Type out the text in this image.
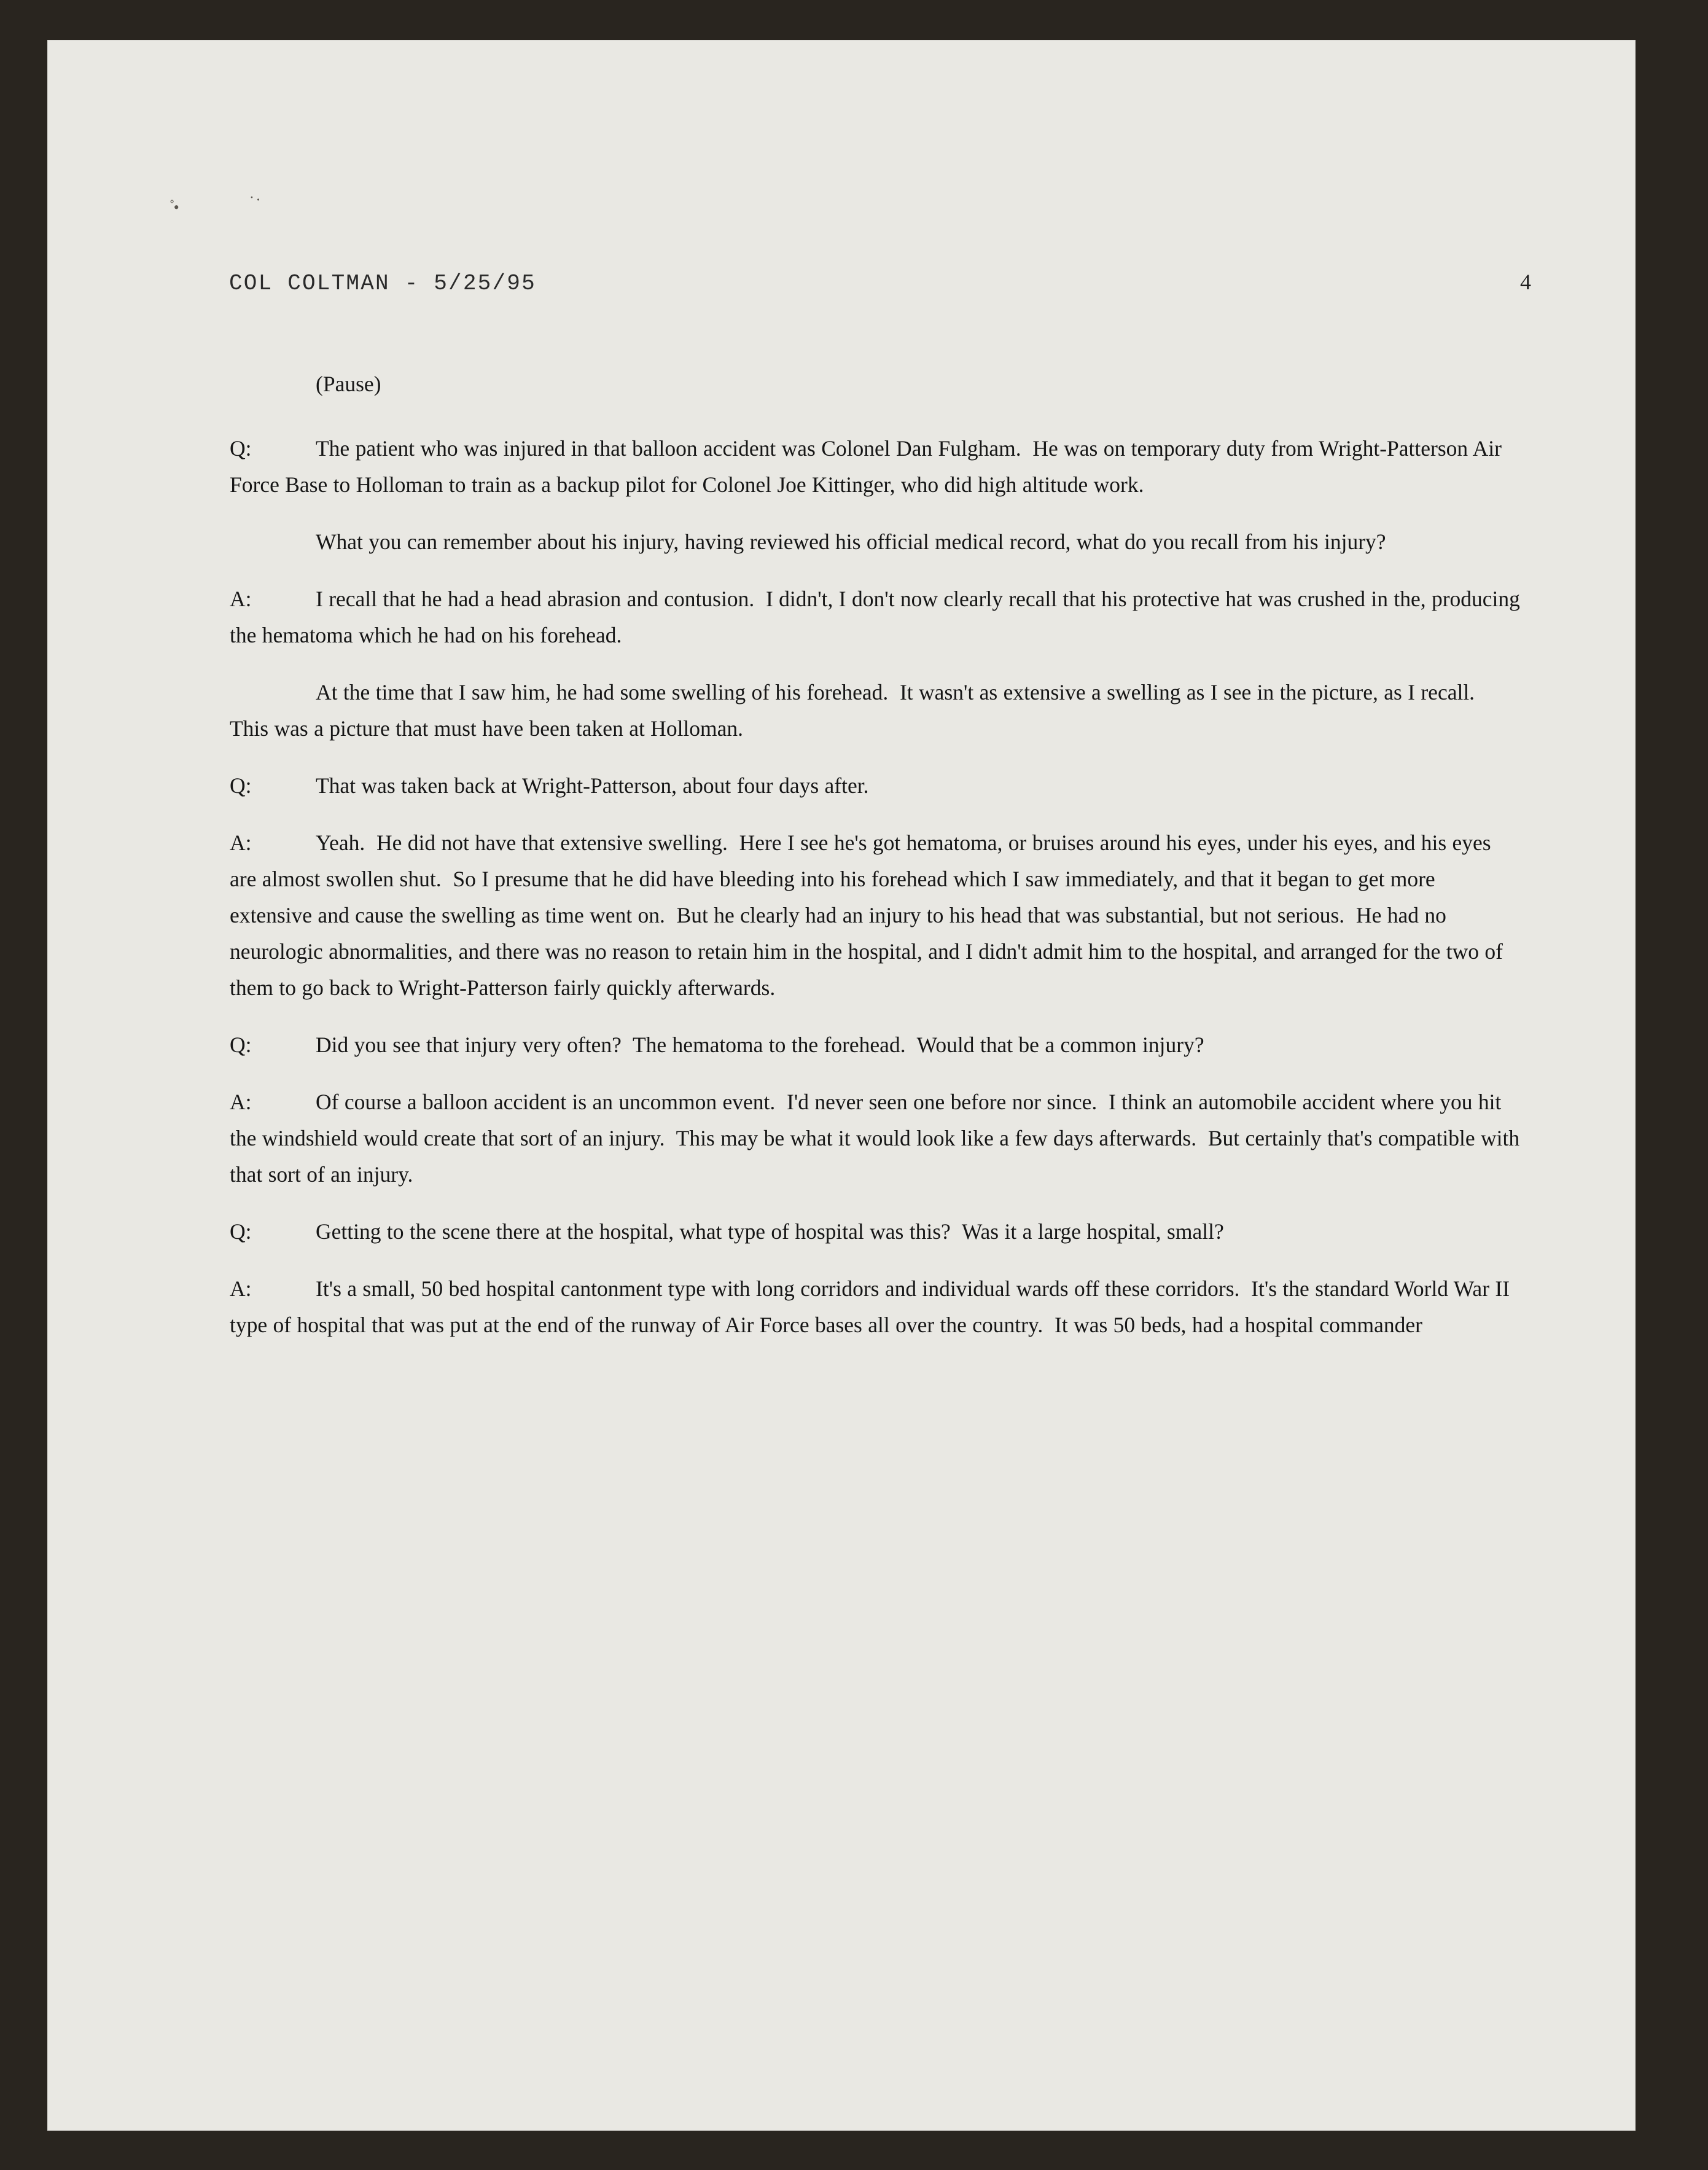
˚•	˙·
COL COLTMAN - 5/25/95	4

(Pause)

Q:	The patient who was injured in that balloon accident was Colonel Dan Fulgham.  He was on temporary duty from Wright-Patterson Air Force Base to Holloman to train as a backup pilot for Colonel Joe Kittinger, who did high altitude work.

What you can remember about his injury, having reviewed his official medical record, what do you recall from his injury?

A:	I recall that he had a head abrasion and contusion.  I didn't, I don't now clearly recall that his protective hat was crushed in the, producing the hematoma which he had on his forehead.

At the time that I saw him, he had some swelling of his forehead.  It wasn't as extensive a swelling as I see in the picture, as I recall.  This was a picture that must have been taken at Holloman.

Q:	That was taken back at Wright-Patterson, about four days after.

A:	Yeah.  He did not have that extensive swelling.  Here I see he's got hematoma, or bruises around his eyes, under his eyes, and his eyes are almost swollen shut.  So I presume that he did have bleeding into his forehead which I saw immediately, and that it began to get more extensive and cause the swelling as time went on.  But he clearly had an injury to his head that was substantial, but not serious.  He had no neurologic abnormalities, and there was no reason to retain him in the hospital, and I didn't admit him to the hospital, and arranged for the two of them to go back to Wright-Patterson fairly quickly afterwards.

Q:	Did you see that injury very often?  The hematoma to the forehead.  Would that be a common injury?

A:	Of course a balloon accident is an uncommon event.  I'd never seen one before nor since.  I think an automobile accident where you hit the windshield would create that sort of an injury.  This may be what it would look like a few days afterwards.  But certainly that's compatible with that sort of an injury.

Q:	Getting to the scene there at the hospital, what type of hospital was this?  Was it a large hospital, small?

A:	It's a small, 50 bed hospital cantonment type with long corridors and individual wards off these corridors.  It's the standard World War II type of hospital that was put at the end of the runway of Air Force bases all over the country.  It was 50 beds, had a hospital commander
